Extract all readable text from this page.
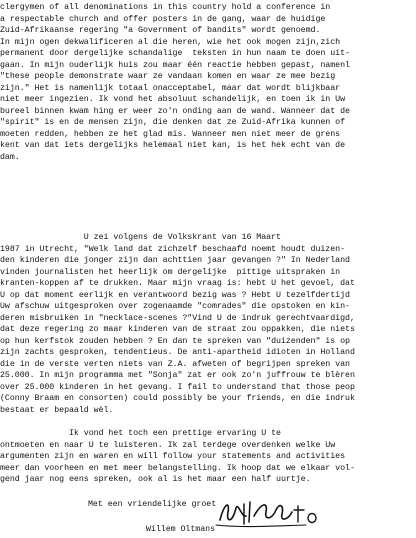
clergymen of all denominations in this country hold a conference in
a respectable church and offer posters in de gang, waar de huidige
Zuid-Afrikaanse regering "a Government of bandits" wordt genoemd.
In mijn ogen dekwalificeren al die heren, wie het ook mogen zijn,zich
permanent door dergelijke schandalige  teksten in hun naam te doen uit-
gaan. In mijn ouderlijk huis zou maar één reactie hebben gepast, namenl
"these people demonstrate waar ze vandaan komen en waar ze mee bezig
zijn." Het is namenlijk totaal onacceptabel, maar dat wordt blijkbaar
niet meer ingezien. Ik vond het absoluut schandelijk, en toen ik in Uw
bureel binnen kwam hing er weer zo'n onding aan de wand. Wanneer dat de
"spirit" is en de mensen zijn, die denken dat ze Zuid-Afrika kunnen of
moeten redden, hebben ze het glad mis. Wanneer men niet meer de grens
kent van dat iets dergelijks helemaal niet kan, is het hek echt van de
dam.
U zei volgens de Volkskrant van 16 Maart
1987 in Utrecht, "Welk land dat zichzelf beschaafd noemt houdt duizen-
den kinderen die jonger zijn dan achttien jaar gevangen ?" In Nederland
vinden journalisten het heerlijk om dergelijke  pittige uitspraken in
kranten-koppen af te drukken. Maar mijn vraag is: hebt U het gevoel, dat
U op dat moment eerlijk en verantwoord bezig was ? Hebt U tezelfdertijd
Uw afschuw uitgesproken over zogenaamde "comrades" die opstoken en kin-
deren misbruiken in "necklace-scenes ?"Vind U de indruk gerechtvaardigd,
dat deze regering zo maar kinderen van de straat zou oppakken, die niets
op hun kerfstok zouden hebben ? En dan te spreken van "duizenden" is op
zijn zachts gesproken, tendentieus. De anti-apartheid idioten in Holland
die in de verste verten niets van Z.A. afweten of begrijpen spreken van
25.000. In mijn programma met "Sonja" zat er ook zo'n juffrouw te blèren
over 25.000 kinderen in het gevang. I fail to understand that those peop
(Conny Braam en consorten) could possibly be your friends, en die indruk
bestaat er bepaald wèl.
Ik vond het toch een prettige ervaring U te
ontmoeten en naar U te luisteren. Ik zal terdege overdenken welke Uw
argumenten zijn en waren en will follow your statements and activities
meer dan voorheen en met meer belangstelling. Ik hoop dat we elkaar vol-
gend jaar nog eens spreken, ook al is het maar een half uurtje.
Met een vriendelijke groet
Willem Oltmans
